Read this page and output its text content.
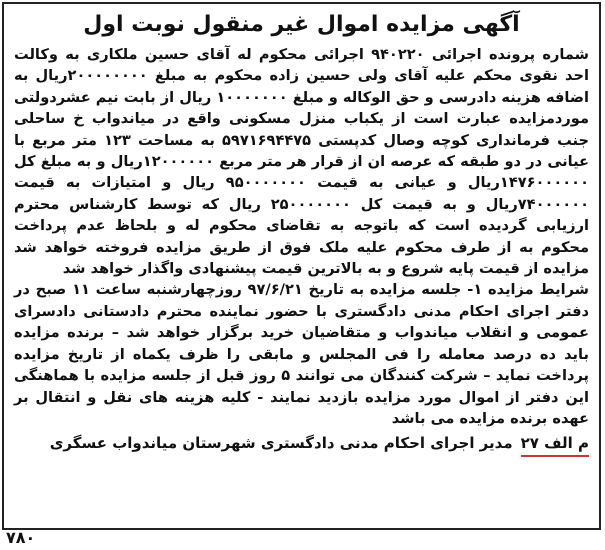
آگهی مزایده اموال غیر منقول نوبت اول

شماره پرونده اجرائی ۹۴۰۲۲۰ اجرائی محکوم له آقای حسین ملکاری به وکالت احد نقوی محکم علیه آقای ولی حسین زاده محکوم به مبلغ ۲۰۰۰۰۰۰۰۰ریال به اضافه هزینه دادرسی و حق الوکاله و مبلغ ۱۰۰۰۰۰۰۰ ریال از بابت نیم عشردولتی موردمزایده عبارت است از یکباب منزل مسکونی واقع در میاندواب خ ساحلی جنب فرمانداری کوچه وصال کدپستی ۵۹۷۱۶۹۴۴۷۵ به مساحت ۱۲۳ متر مربع با عیانی در دو طبقه که عرصه ان از قرار هر متر مربع ۱۲۰۰۰۰۰۰ریال و به مبلغ کل ۱۴۷۶۰۰۰۰۰۰ریال و عیانی به قیمت ۹۵۰۰۰۰۰۰۰ ریال و امتیازات به قیمت ۷۴۰۰۰۰۰۰ریال و به قیمت کل ۲۵۰۰۰۰۰۰۰ ریال که توسط کارشناس محترم ارزیابی گردیده است که باتوجه به تقاضای محکوم له و بلحاظ عدم پرداخت محکوم به از طرف محکوم علیه ملک فوق از طریق مزایده فروخته خواهد شد مزایده از قیمت پایه شروع و به بالاترین قیمت پیشنهادی واگذار خواهد شد

شرایط مزایده ۱- جلسه مزایده به تاریخ ۹۷/۶/۲۱ روزچهارشنبه ساعت ۱۱ صبح در دفتر اجرای احکام مدنی دادگستری با حضور نماینده محترم دادستانی دادسرای عمومی و انقلاب میاندواب و متقاضیان خرید برگزار خواهد شد – برنده مزایده باید ده درصد معامله را فی المجلس و مابقی را ظرف یکماه از تاریخ مزایده پرداخت نماید – شرکت کنندگان می توانند ۵ روز قبل از جلسه مزایده با هماهنگی این دفتر از اموال مورد مزایده بازدید نمایند - کلیه هزینه های نقل و انتقال بر عهده برنده مزایده می باشد

م الف ۲۷
مدیر اجرای احکام مدنی دادگستری شهرستان میاندواب عسگری
۷۸۰
